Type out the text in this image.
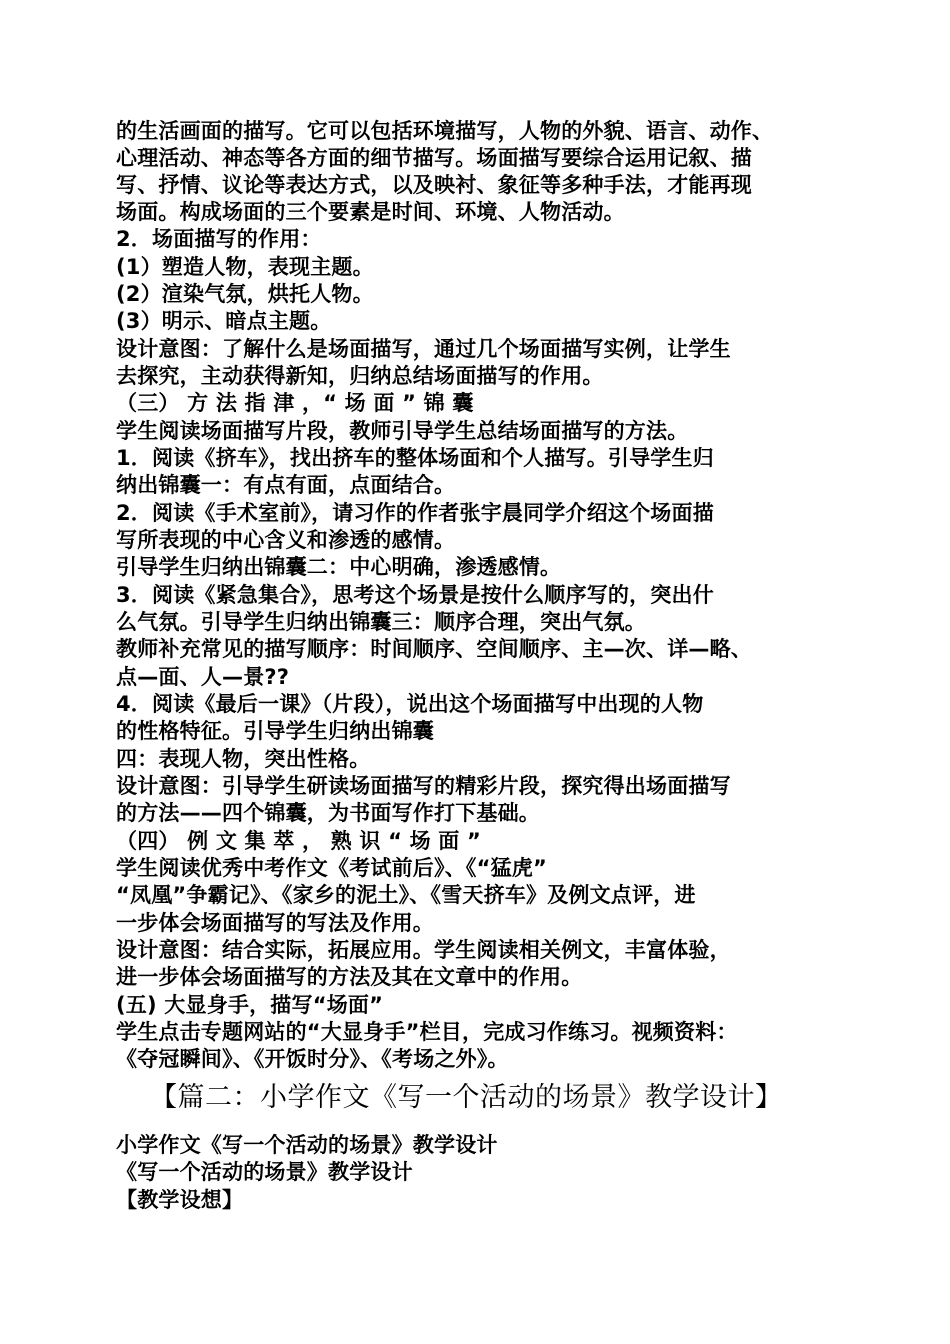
的生活画面的描写。它可以包括环境描写，人物的外貌、语言、动作、
心理活动、神态等各方面的细节描写。场面描写要综合运用记叙、描
写、抒情、议论等表达方式，以及映衬、象征等多种手法，才能再现
场面。构成场面的三个要素是时间、环境、人物活动。
2．场面描写的作用：
(1）塑造人物，表现主题。
(2）渲染气氛，烘托人物。
(3）明示、暗点主题。
设计意图：了解什么是场面描写，通过几个场面描写实例，让学生
去探究，主动获得新知，归纳总结场面描写的作用。
（三） 方 法 指 津 ，“ 场 面 ” 锦 囊
学生阅读场面描写片段，教师引导学生总结场面描写的方法。
1．阅读《挤车》，找出挤车的整体场面和个人描写。引导学生归
纳出锦囊一：有点有面，点面结合。
2．阅读《手术室前》，请习作的作者张宇晨同学介绍这个场面描
写所表现的中心含义和渗透的感情。
引导学生归纳出锦囊二：中心明确，渗透感情。
3．阅读《紧急集合》，思考这个场景是按什么顺序写的，突出什
么气氛。引导学生归纳出锦囊三：顺序合理，突出气氛。
教师补充常见的描写顺序：时间顺序、空间顺序、主—次、详—略、
点—面、人—景??
4．阅读《最后一课》（片段），说出这个场面描写中出现的人物
的性格特征。引导学生归纳出锦囊
四：表现人物，突出性格。
设计意图：引导学生研读场面描写的精彩片段，探究得出场面描写
的方法——四个锦囊，为书面写作打下基础。
（四） 例 文 集 萃 ， 熟 识 “ 场 面 ”
学生阅读优秀中考作文《考试前后》、《“猛虎”
“凤凰”争霸记》、《家乡的泥土》、《雪天挤车》及例文点评，进
一步体会场面描写的写法及作用。
设计意图：结合实际，拓展应用。学生阅读相关例文，丰富体验，
进一步体会场面描写的方法及其在文章中的作用。
(五) 大显身手，描写“场面”
学生点击专题网站的“大显身手”栏目，完成习作练习。视频资料：
《夺冠瞬间》、《开饭时分》、《考场之外》。
【篇二：小学作文《写一个活动的场景》教学设计】
小学作文《写一个活动的场景》教学设计
《写一个活动的场景》教学设计
【教学设想】
